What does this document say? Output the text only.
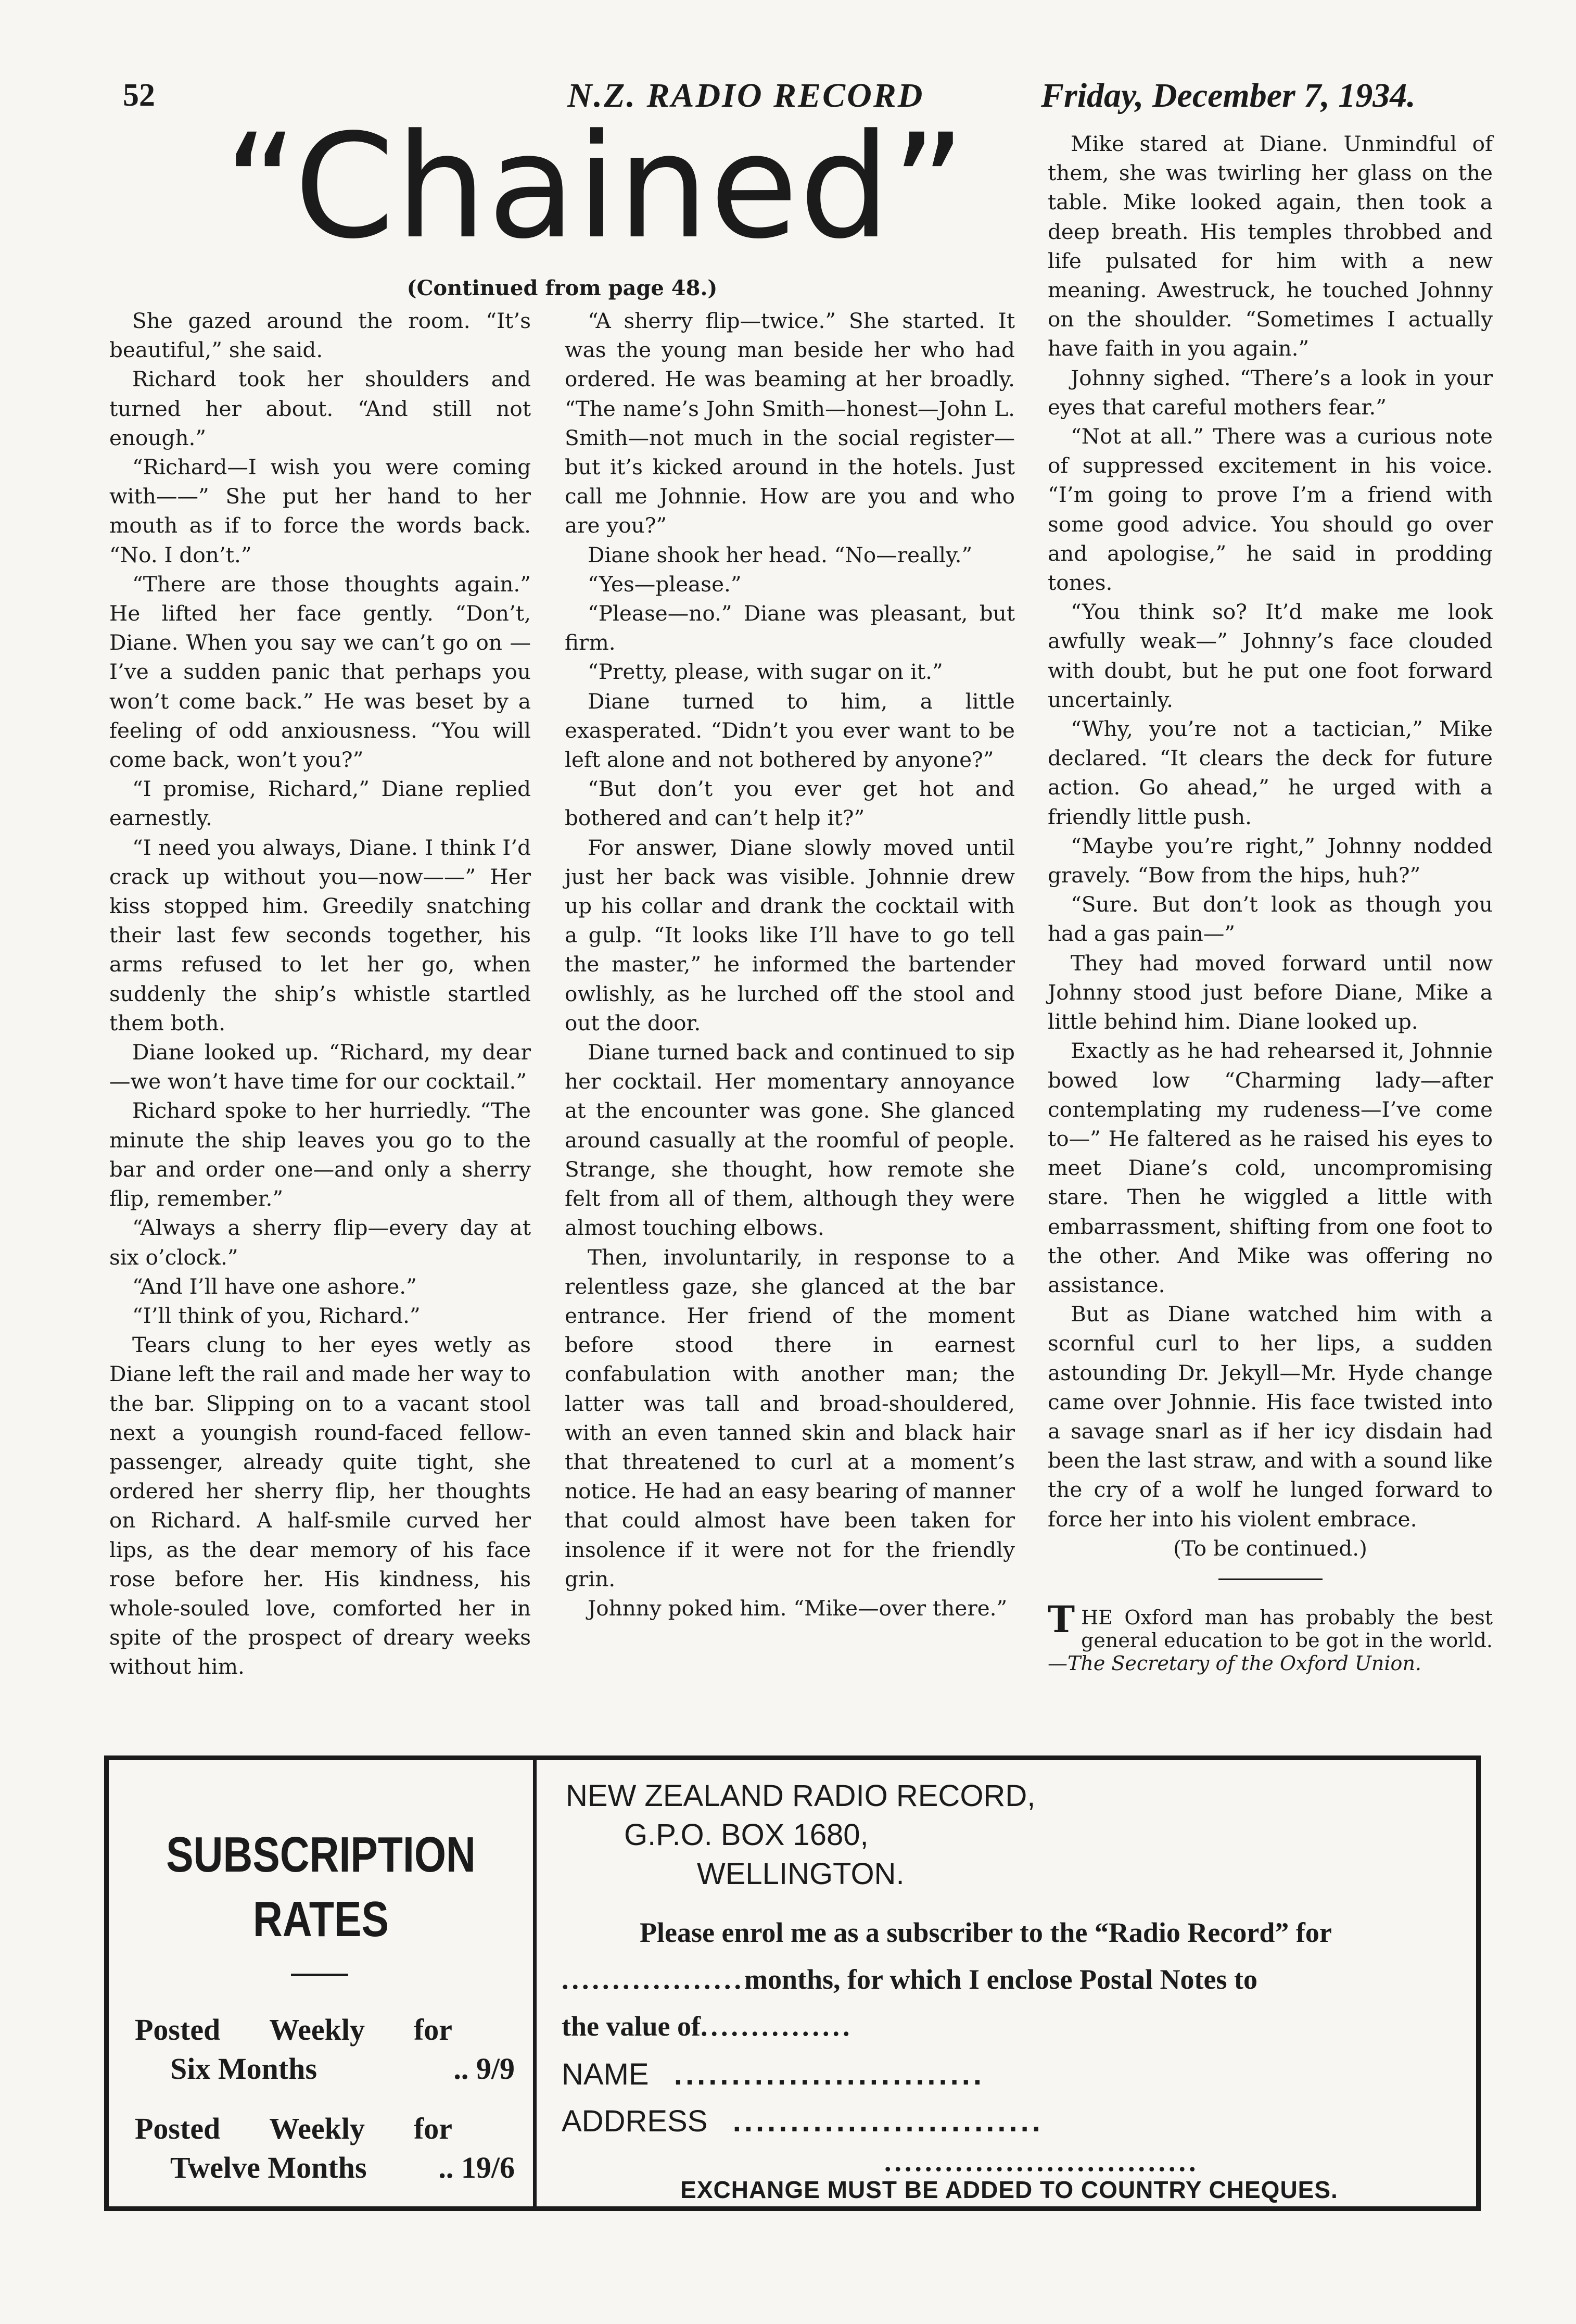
52	N.Z. RADIO RECORD	Friday, December 7, 1934.
“Chained”
(Continued from page 48.)

She gazed around the room. “It’s beautiful,” she said.

Richard took her shoulders and turned her about. “And still not enough.”

“Richard—I wish you were coming with——” She put her hand to her mouth as if to force the words back. “No. I don’t.”

“There are those thoughts again.” He lifted her face gently. “Don’t, Diane. When you say we can’t go on —I’ve a sudden panic that perhaps you won’t come back.” He was beset by a feeling of odd anxiousness. “You will come back, won’t you?”

“I promise, Richard,” Diane replied earnestly.

“I need you always, Diane. I think I’d crack up without you—now——” Her kiss stopped him. Greedily snatching their last few seconds together, his arms refused to let her go, when suddenly the ship’s whistle startled them both.

Diane looked up. “Richard, my dear—we won’t have time for our cocktail.”

Richard spoke to her hurriedly. “The minute the ship leaves you go to the bar and order one—and only a sherry flip, remember.”

“Always a sherry flip—every day at six o’clock.”

“And I’ll have one ashore.”

“I’ll think of you, Richard.”

Tears clung to her eyes wetly as Diane left the rail and made her way to the bar. Slipping on to a vacant stool next a youngish round-faced fellow-passenger, already quite tight, she ordered her sherry flip, her thoughts on Richard. A half-smile curved her lips, as the dear memory of his face rose before her. His kindness, his whole-souled love, comforted her in spite of the prospect of dreary weeks without him.

“A sherry flip—twice.” She started. It was the young man beside her who had ordered. He was beaming at her broadly. “The name’s John Smith—honest—John L. Smith—not much in the social register—but it’s kicked around in the hotels. Just call me Johnnie. How are you and who are you?”

Diane shook her head. “No—really.”

“Yes—please.”

“Please—no.” Diane was pleasant, but firm.

“Pretty, please, with sugar on it.”

Diane turned to him, a little exasperated. “Didn’t you ever want to be left alone and not bothered by anyone?”

“But don’t you ever get hot and bothered and can’t help it?”

For answer, Diane slowly moved until just her back was visible. Johnnie drew up his collar and drank the cocktail with a gulp. “It looks like I’ll have to go tell the master,” he informed the bartender owlishly, as he lurched off the stool and out the door.

Diane turned back and continued to sip her cocktail. Her momentary annoyance at the encounter was gone. She glanced around casually at the roomful of people. Strange, she thought, how remote she felt from all of them, although they were almost touching elbows.

Then, involuntarily, in response to a relentless gaze, she glanced at the bar entrance. Her friend of the moment before stood there in earnest confabulation with another man; the latter was tall and broad-shouldered, with an even tanned skin and black hair that threatened to curl at a moment’s notice. He had an easy bearing of manner that could almost have been taken for insolence if it were not for the friendly grin.

Johnny poked him. “Mike—over there.”

Mike stared at Diane. Unmindful of them, she was twirling her glass on the table. Mike looked again, then took a deep breath. His temples throbbed and life pulsated for him with a new meaning. Awestruck, he touched Johnny on the shoulder. “Sometimes I actually have faith in you again.”

Johnny sighed. “There’s a look in your eyes that careful mothers fear.”

“Not at all.” There was a curious note of suppressed excitement in his voice. “I’m going to prove I’m a friend with some good advice. You should go over and apologise,” he said in prodding tones.

“You think so? It’d make me look awfully weak—” Johnny’s face clouded with doubt, but he put one foot forward uncertainly.

“Why, you’re not a tactician,” Mike declared. “It clears the deck for future action. Go ahead,” he urged with a friendly little push.

“Maybe you’re right,” Johnny nodded gravely. “Bow from the hips, huh?”

“Sure. But don’t look as though you had a gas pain—”

They had moved forward until now Johnny stood just before Diane, Mike a little behind him. Diane looked up.

Exactly as he had rehearsed it, Johnnie bowed low “Charming lady—after contemplating my rudeness—I’ve come to—” He faltered as he raised his eyes to meet Diane’s cold, uncompromising stare. Then he wiggled a little with embarrassment, shifting from one foot to the other. And Mike was offering no assistance.

But as Diane watched him with a scornful curl to her lips, a sudden astounding Dr. Jekyll—Mr. Hyde change came over Johnnie. His face twisted into a savage snarl as if her icy disdain had been the last straw, and with a sound like the cry of a wolf he lunged forward to force her into his violent embrace.

(To be continued.)

THE Oxford man has probably the best general education to be got in the world.—The Secretary of the Oxford Union.

SUBSCRIPTION
RATES
Posted Weekly for
Six Months	.. 9/9
Posted Weekly for
Twelve Months .. 19/6
NEW ZEALAND RADIO RECORD,
G.P.O. BOX 1680,
WELLINGTON.
Please enrol me as a subscriber to the “Radio Record” for
..................months, for which I enclose Postal Notes to
the value of...............
NAME ...........................
ADDRESS ...........................
...............................
EXCHANGE MUST BE ADDED TO COUNTRY CHEQUES.
